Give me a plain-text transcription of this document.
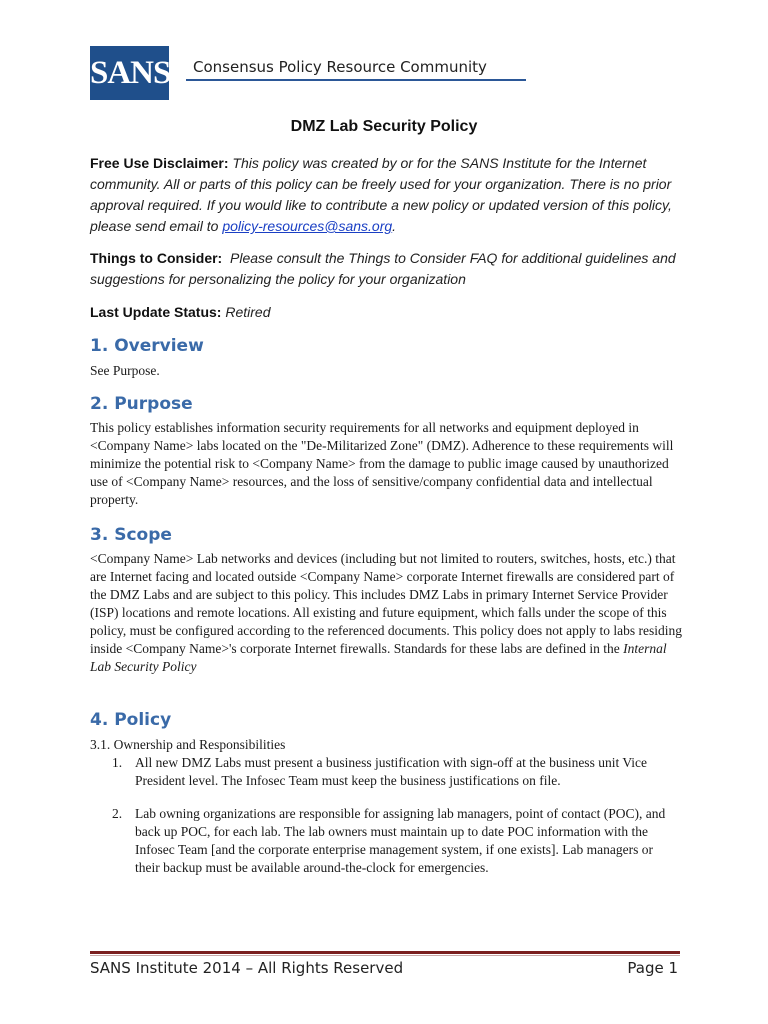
SANS Consensus Policy Resource Community
DMZ Lab Security Policy
Free Use Disclaimer: This policy was created by or for the SANS Institute for the Internet community. All or parts of this policy can be freely used for your organization. There is no prior approval required. If you would like to contribute a new policy or updated version of this policy, please send email to policy-resources@sans.org.
Things to Consider: Please consult the Things to Consider FAQ for additional guidelines and suggestions for personalizing the policy for your organization
Last Update Status: Retired
1. Overview
See Purpose.
2. Purpose
This policy establishes information security requirements for all networks and equipment deployed in <Company Name> labs located on the "De-Militarized Zone" (DMZ). Adherence to these requirements will minimize the potential risk to <Company Name> from the damage to public image caused by unauthorized use of <Company Name> resources, and the loss of sensitive/company confidential data and intellectual property.
3. Scope
<Company Name> Lab networks and devices (including but not limited to routers, switches, hosts, etc.) that are Internet facing and located outside <Company Name> corporate Internet firewalls are considered part of the DMZ Labs and are subject to this policy. This includes DMZ Labs in primary Internet Service Provider (ISP) locations and remote locations. All existing and future equipment, which falls under the scope of this policy, must be configured according to the referenced documents. This policy does not apply to labs residing inside <Company Name>'s corporate Internet firewalls. Standards for these labs are defined in the Internal Lab Security Policy
4. Policy
3.1. Ownership and Responsibilities
1. All new DMZ Labs must present a business justification with sign-off at the business unit Vice President level. The Infosec Team must keep the business justifications on file.
2. Lab owning organizations are responsible for assigning lab managers, point of contact (POC), and back up POC, for each lab. The lab owners must maintain up to date POC information with the Infosec Team [and the corporate enterprise management system, if one exists]. Lab managers or their backup must be available around-the-clock for emergencies.
SANS Institute 2014 – All Rights Reserved	Page 1
